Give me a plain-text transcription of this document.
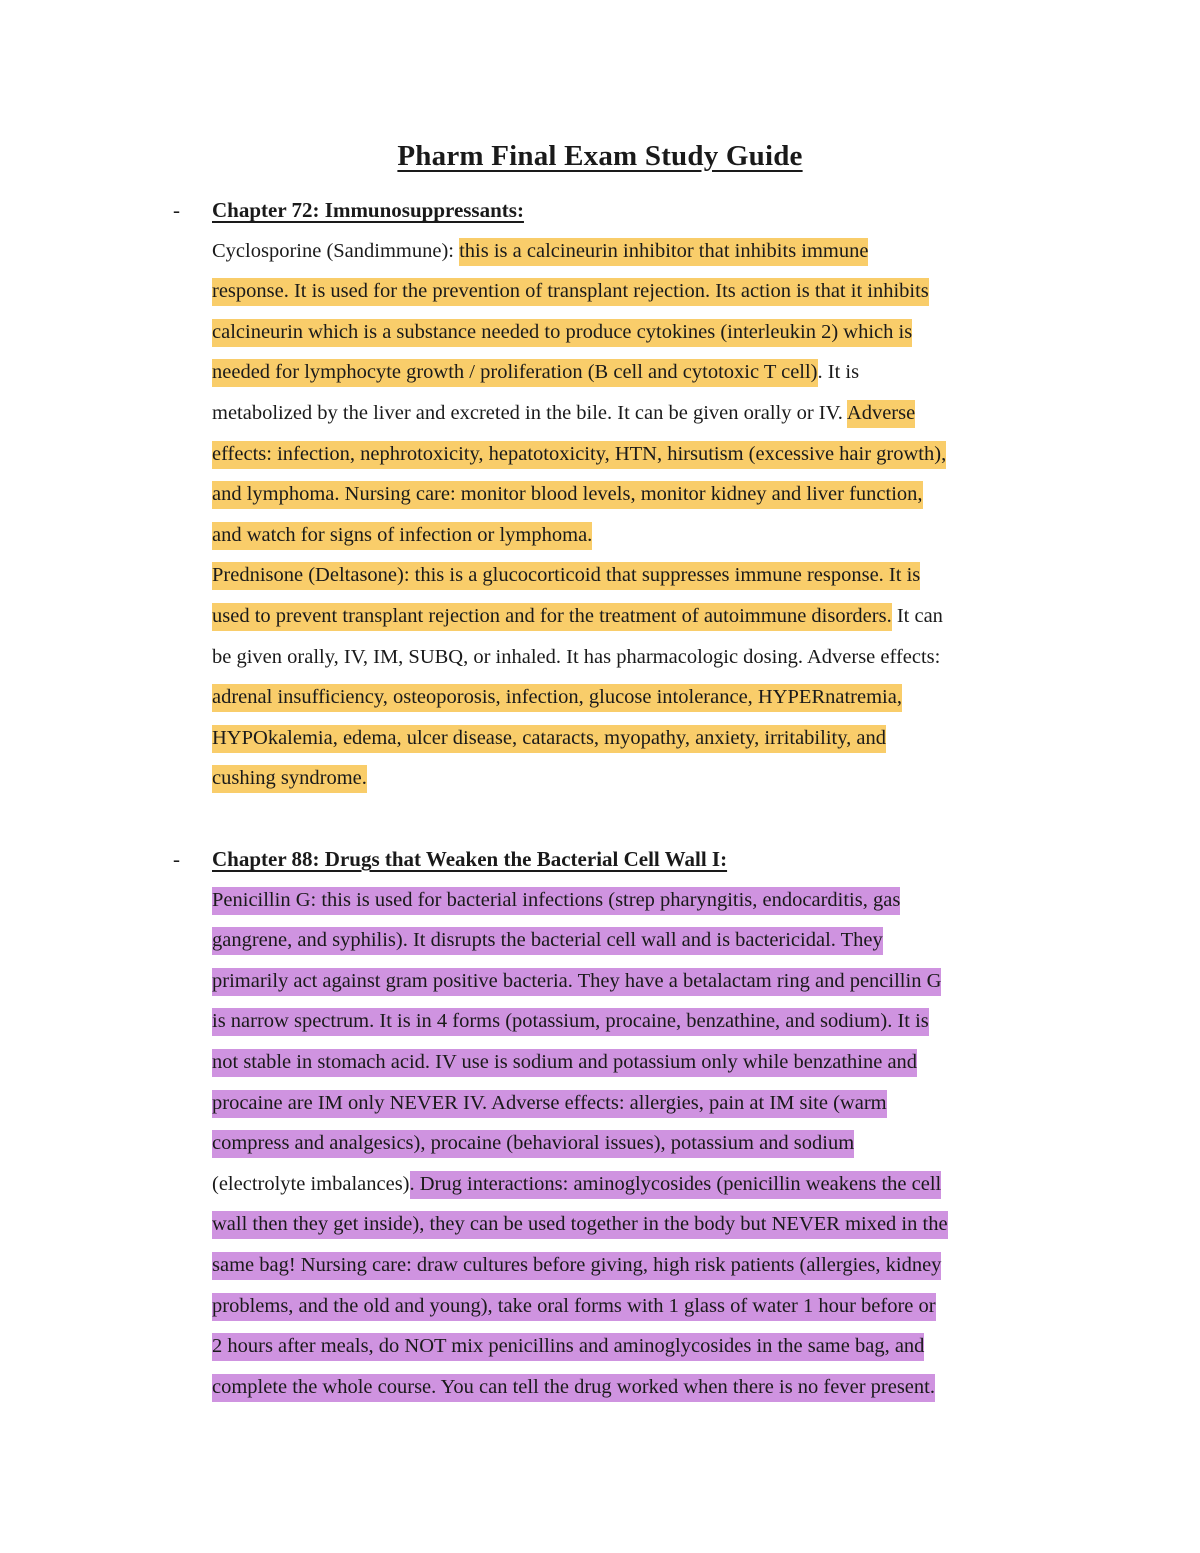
Pharm Final Exam Study Guide
- Chapter 72: Immunosuppressants:
Cyclosporine (Sandimmune): this is a calcineurin inhibitor that inhibits immune
response. It is used for the prevention of transplant rejection. Its action is that it inhibits
calcineurin which is a substance needed to produce cytokines (interleukin 2) which is
needed for lymphocyte growth / proliferation (B cell and cytotoxic T cell). It is
metabolized by the liver and excreted in the bile. It can be given orally or IV. Adverse
effects: infection, nephrotoxicity, hepatotoxicity, HTN, hirsutism (excessive hair growth),
and lymphoma. Nursing care: monitor blood levels, monitor kidney and liver function,
and watch for signs of infection or lymphoma.
Prednisone (Deltasone): this is a glucocorticoid that suppresses immune response. It is
used to prevent transplant rejection and for the treatment of autoimmune disorders. It can
be given orally, IV, IM, SUBQ, or inhaled. It has pharmacologic dosing. Adverse effects:
adrenal insufficiency, osteoporosis, infection, glucose intolerance, HYPERnatremia,
HYPOkalemia, edema, ulcer disease, cataracts, myopathy, anxiety, irritability, and
cushing syndrome.
- Chapter 88: Drugs that Weaken the Bacterial Cell Wall I:
Penicillin G: this is used for bacterial infections (strep pharyngitis, endocarditis, gas
gangrene, and syphilis). It disrupts the bacterial cell wall and is bactericidal. They
primarily act against gram positive bacteria. They have a betalactam ring and pencillin G
is narrow spectrum. It is in 4 forms (potassium, procaine, benzathine, and sodium). It is
not stable in stomach acid. IV use is sodium and potassium only while benzathine and
procaine are IM only NEVER IV. Adverse effects: allergies, pain at IM site (warm
compress and analgesics), procaine (behavioral issues), potassium and sodium
(electrolyte imbalances). Drug interactions: aminoglycosides (penicillin weakens the cell
wall then they get inside), they can be used together in the body but NEVER mixed in the
same bag! Nursing care: draw cultures before giving, high risk patients (allergies, kidney
problems, and the old and young), take oral forms with 1 glass of water 1 hour before or
2 hours after meals, do NOT mix penicillins and aminoglycosides in the same bag, and
complete the whole course. You can tell the drug worked when there is no fever present.
